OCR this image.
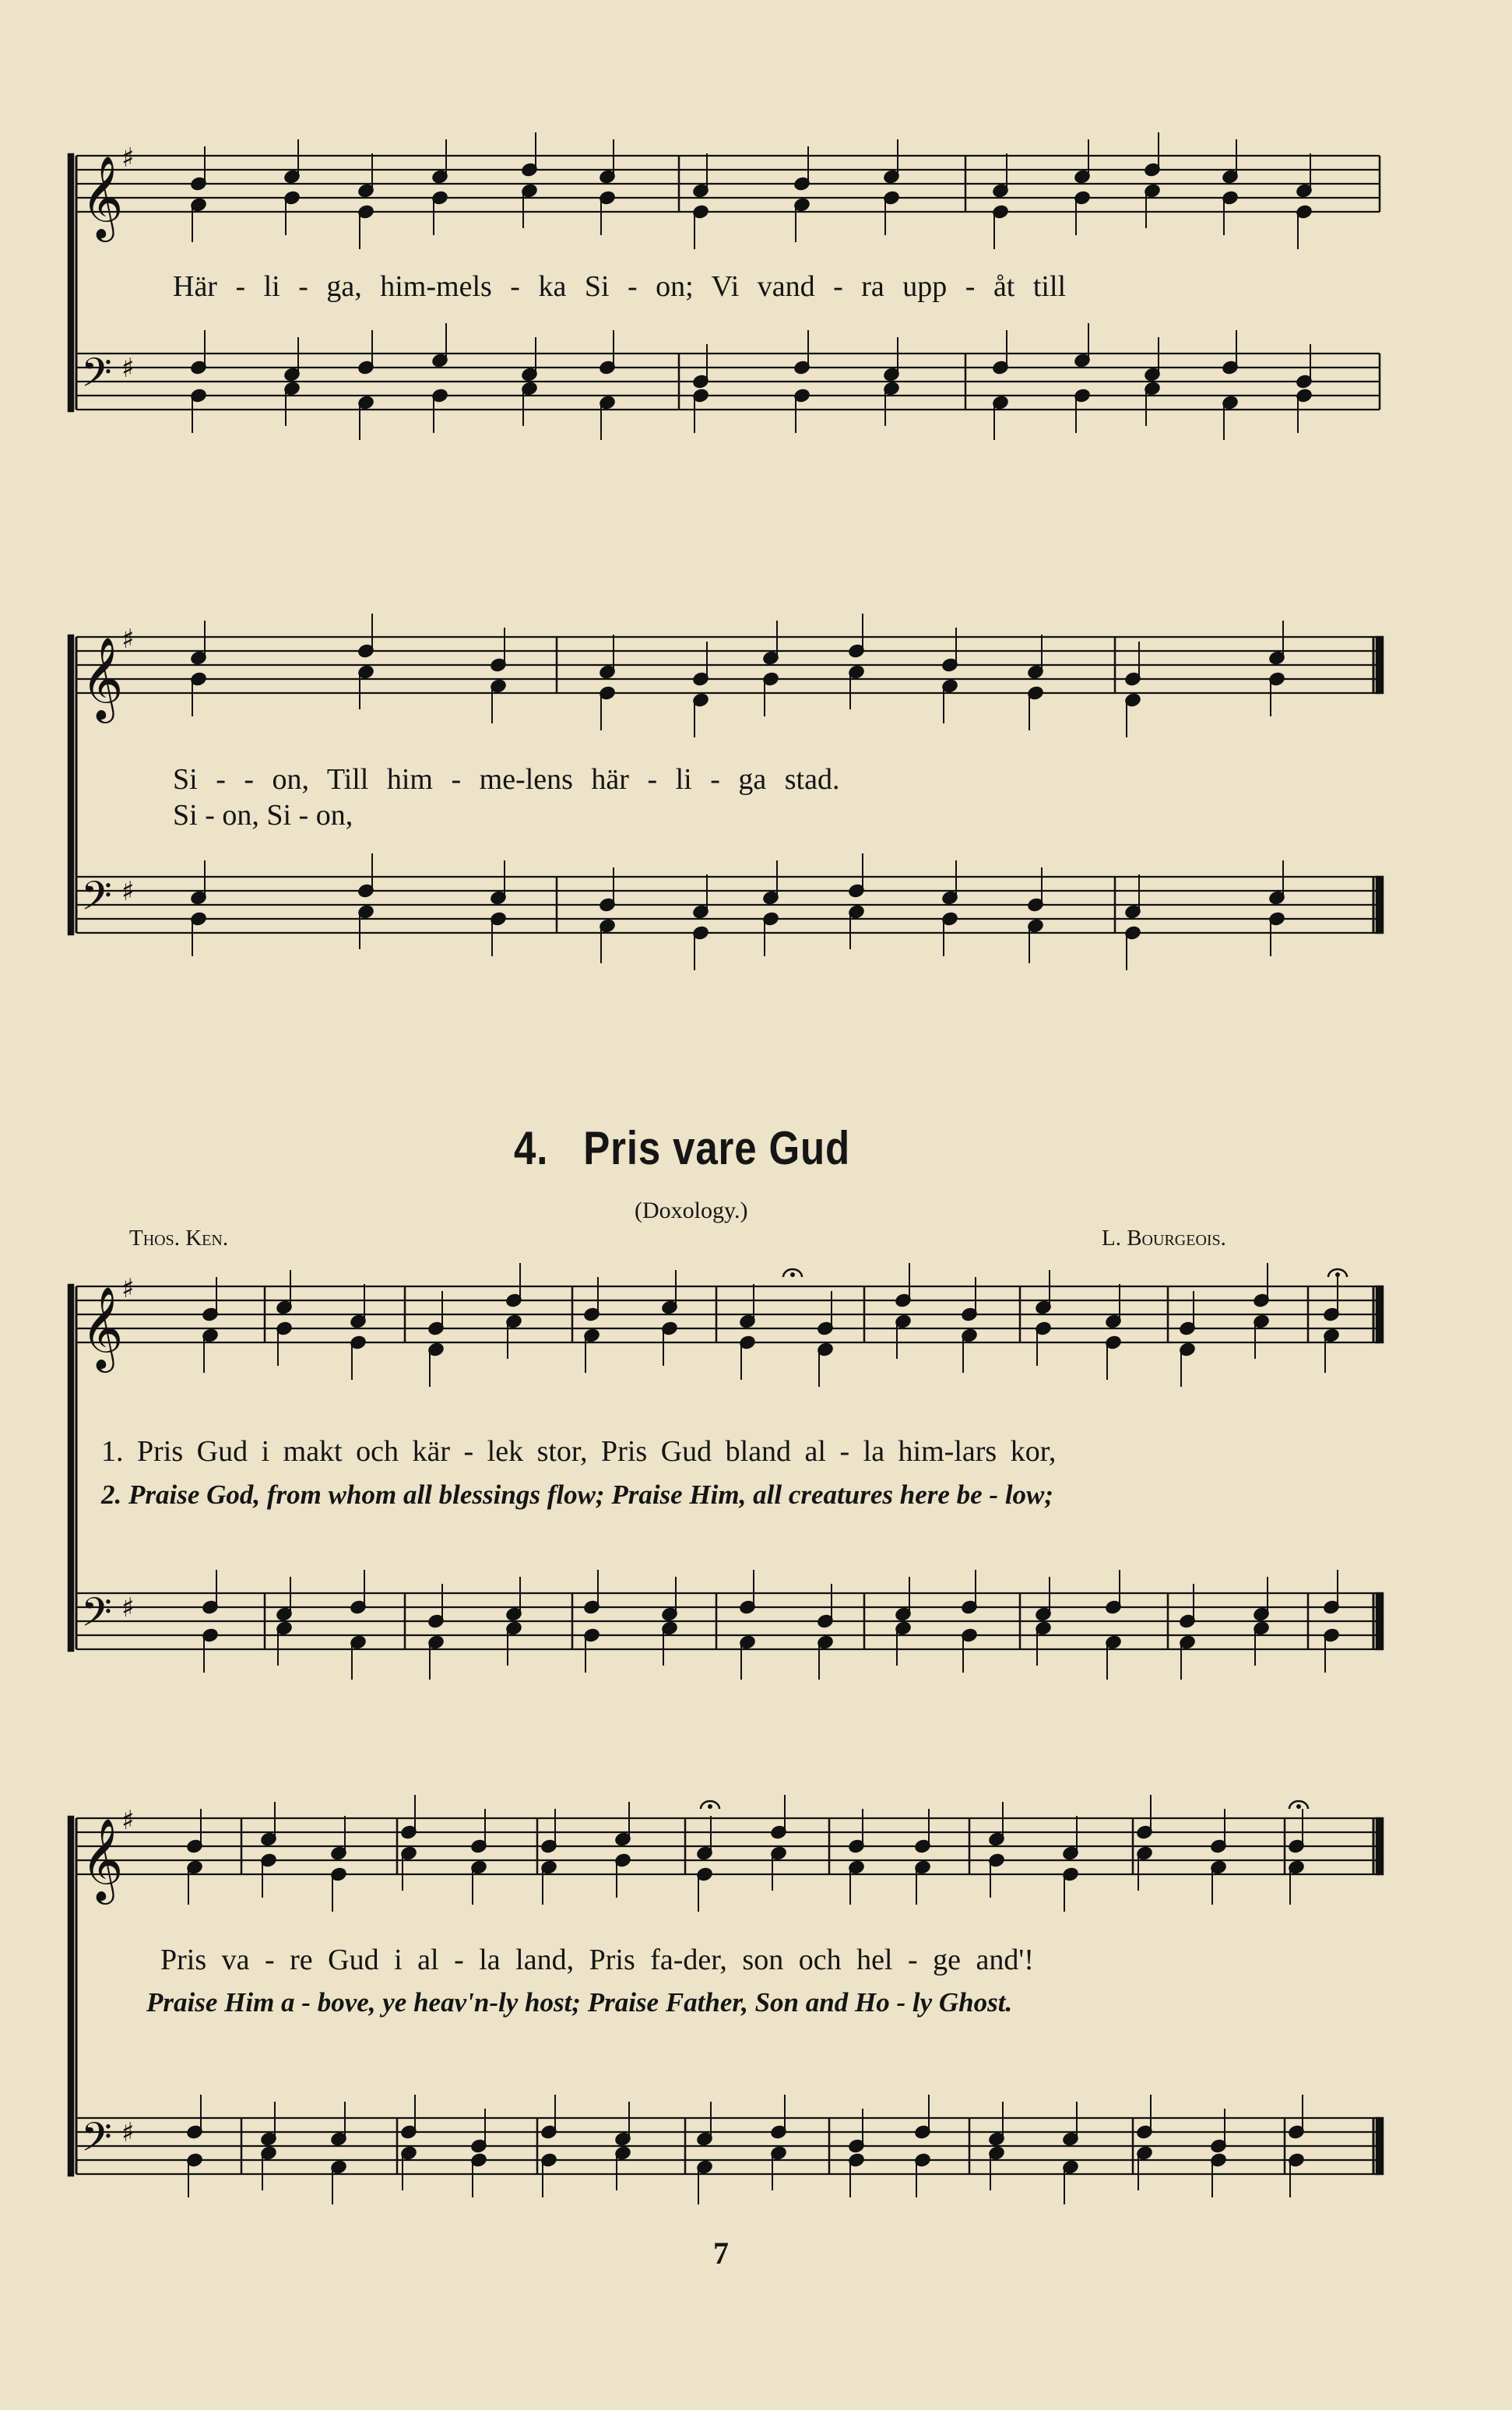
𝄞
𝄢
♯
♯
𝄞
𝄢
♯
♯
𝄞
𝄢
♯
♯
𝄞
𝄢
♯
♯
Här - li - ga, him-mels - ka Si - on; Vi vand - ra upp - åt till
Si - - on, Till him - me-lens här - li - ga stad.
Si - on, Si - on,
4. Pris vare Gud
(Doxology.)
Thos. Ken.	L. Bourgeois.
1. Pris Gud i makt och kär - lek stor, Pris Gud bland al - la him-lars kor,
2. Praise God, from whom all blessings flow; Praise Him, all creatures here be - low;
Pris va - re Gud i al - la land, Pris fa-der, son och hel - ge and'!
Praise Him a - bove, ye heav'n-ly host; Praise Father, Son and Ho - ly Ghost.
7
